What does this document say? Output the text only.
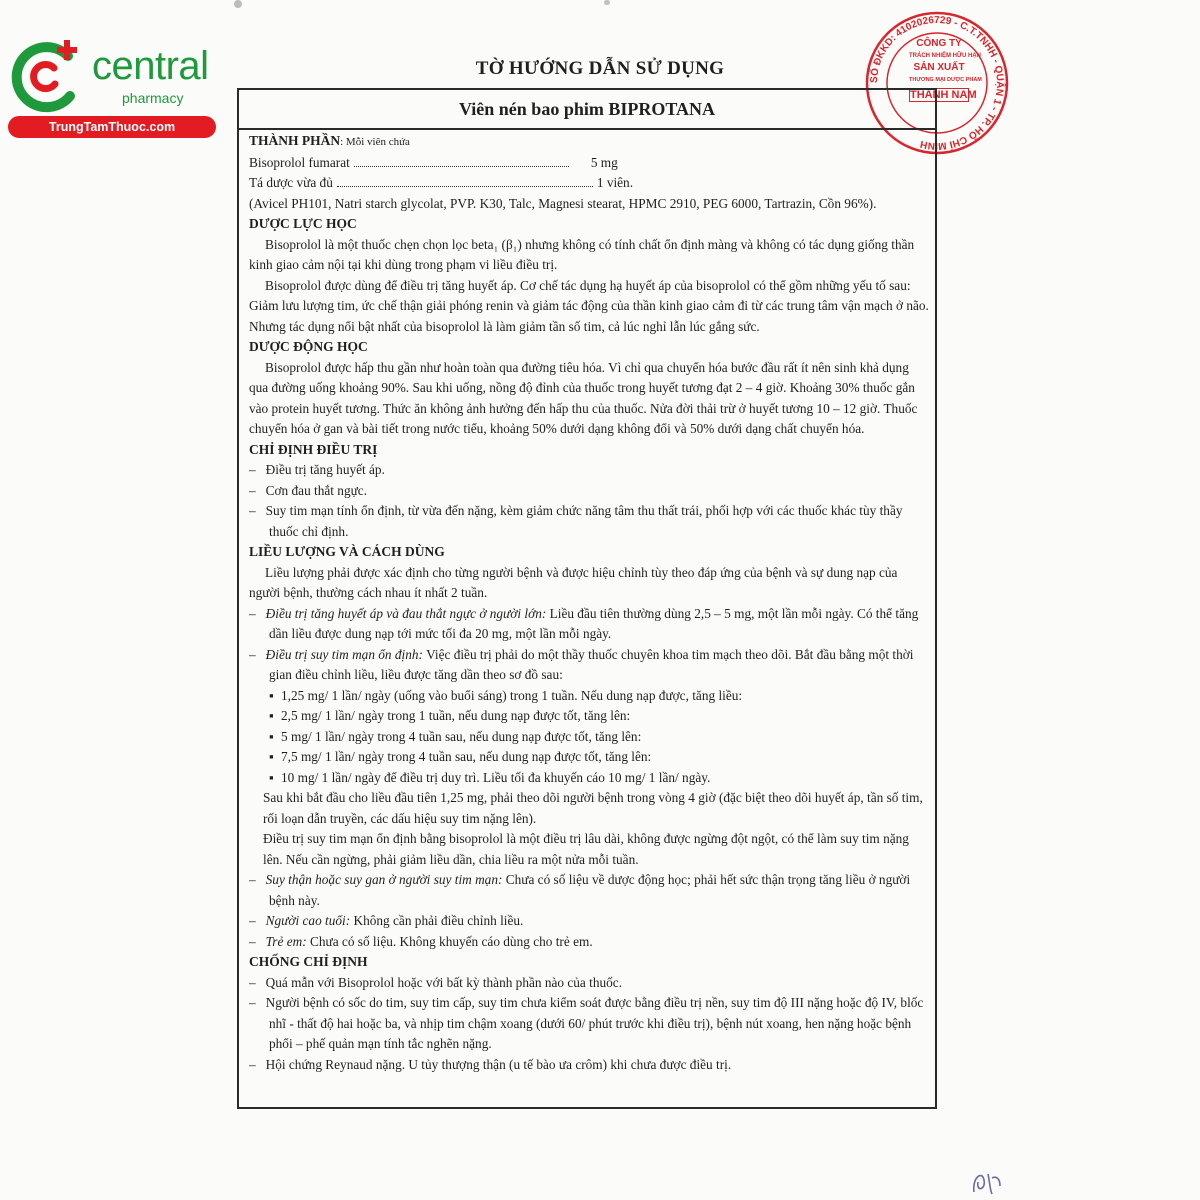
central
pharmacy
TrungTamThuoc.com
SỐ ĐKKD: 4102026729 - C.T.TNHH - QUẬN 1 - TP. HỒ CHÍ MINH
CÔNG TY
TRÁCH NHIỆM HỮU HẠN
SẢN XUẤT
THƯƠNG MẠI DƯỢC PHẨM
THÀNH NAM
TỜ HƯỚNG DẪN SỬ DỤNG
Viên nén bao phim BIPROTANA

THÀNH PHẦN: Mỗi viên chứa

Bisoprolol fumarat	5 mg
Tá dược vừa đủ	1 viên.

(Avicel PH101, Natri starch glycolat, PVP. K30, Talc, Magnesi stearat, HPMC 2910, PEG 6000, Tartrazin, Cồn 96%).

DƯỢC LỰC HỌC

Bisoprolol là một thuốc chẹn chọn lọc beta₁ (β₁) nhưng không có tính chất ổn định màng và không có tác dụng giống thần kinh giao cảm nội tại khi dùng trong phạm vi liều điều trị.

Bisoprolol được dùng để điều trị tăng huyết áp. Cơ chế tác dụng hạ huyết áp của bisoprolol có thể gồm những yếu tố sau: Giảm lưu lượng tim, ức chế thận giải phóng renin và giảm tác động của thần kinh giao cảm đi từ các trung tâm vận mạch ở não. Nhưng tác dụng nổi bật nhất của bisoprolol là làm giảm tần số tim, cả lúc nghỉ lẫn lúc gắng sức.

DƯỢC ĐỘNG HỌC

Bisoprolol được hấp thu gần như hoàn toàn qua đường tiêu hóa. Vì chỉ qua chuyển hóa bước đầu rất ít nên sinh khả dụng qua đường uống khoảng 90%. Sau khi uống, nồng độ đỉnh của thuốc trong huyết tương đạt 2 – 4 giờ. Khoảng 30% thuốc gắn vào protein huyết tương. Thức ăn không ảnh hưởng đến hấp thu của thuốc. Nửa đời thải trừ ở huyết tương 10 – 12 giờ. Thuốc chuyển hóa ở gan và bài tiết trong nước tiểu, khoảng 50% dưới dạng không đổi và 50% dưới dạng chất chuyển hóa.

CHỈ ĐỊNH ĐIỀU TRỊ

– Điều trị tăng huyết áp.

– Cơn đau thắt ngực.

– Suy tim mạn tính ổn định, từ vừa đến nặng, kèm giảm chức năng tâm thu thất trái, phối hợp với các thuốc khác tùy thầy thuốc chỉ định.

LIỀU LƯỢNG VÀ CÁCH DÙNG

Liều lượng phải được xác định cho từng người bệnh và được hiệu chỉnh tùy theo đáp ứng của bệnh và sự dung nạp của người bệnh, thường cách nhau ít nhất 2 tuần.

– Điều trị tăng huyết áp và đau thắt ngực ở người lớn: Liều đầu tiên thường dùng 2,5 – 5 mg, một lần mỗi ngày. Có thể tăng dần liều được dung nạp tới mức tối đa 20 mg, một lần mỗi ngày.

– Điều trị suy tim mạn ổn định: Việc điều trị phải do một thầy thuốc chuyên khoa tim mạch theo dõi. Bắt đầu bằng một thời gian điều chỉnh liều, liều được tăng dần theo sơ đồ sau:

▪ 1,25 mg/ 1 lần/ ngày (uống vào buổi sáng) trong 1 tuần. Nếu dung nạp được, tăng liều:

▪ 2,5 mg/ 1 lần/ ngày trong 1 tuần, nếu dung nạp được tốt, tăng lên:

▪ 5 mg/ 1 lần/ ngày trong 4 tuần sau, nếu dung nạp được tốt, tăng lên:

▪ 7,5 mg/ 1 lần/ ngày trong 4 tuần sau, nếu dung nạp được tốt, tăng lên:

▪ 10 mg/ 1 lần/ ngày để điều trị duy trì. Liều tối đa khuyến cáo 10 mg/ 1 lần/ ngày.

Sau khi bắt đầu cho liều đầu tiên 1,25 mg, phải theo dõi người bệnh trong vòng 4 giờ (đặc biệt theo dõi huyết áp, tần số tim, rối loạn dẫn truyền, các dấu hiệu suy tim nặng lên).

Điều trị suy tim mạn ổn định bằng bisoprolol là một điều trị lâu dài, không được ngừng đột ngột, có thể làm suy tim nặng lên. Nếu cần ngừng, phải giảm liều dần, chia liều ra một nửa mỗi tuần.

– Suy thận hoặc suy gan ở người suy tim mạn: Chưa có số liệu về dược động học; phải hết sức thận trọng tăng liều ở người bệnh này.

– Người cao tuổi: Không cần phải điều chỉnh liều.

– Trẻ em: Chưa có số liệu. Không khuyến cáo dùng cho trẻ em.

CHỐNG CHỈ ĐỊNH

– Quá mẫn với Bisoprolol hoặc với bất kỳ thành phần nào của thuốc.

– Người bệnh có sốc do tim, suy tim cấp, suy tim chưa kiểm soát được bằng điều trị nền, suy tim độ III nặng hoặc độ IV, blốc nhĩ - thất độ hai hoặc ba, và nhịp tim chậm xoang (dưới 60/ phút trước khi điều trị), bệnh nút xoang, hen nặng hoặc bệnh phổi – phế quản mạn tính tắc nghẽn nặng.

– Hội chứng Reynaud nặng. U tủy thượng thận (u tế bào ưa crôm) khi chưa được điều trị.
